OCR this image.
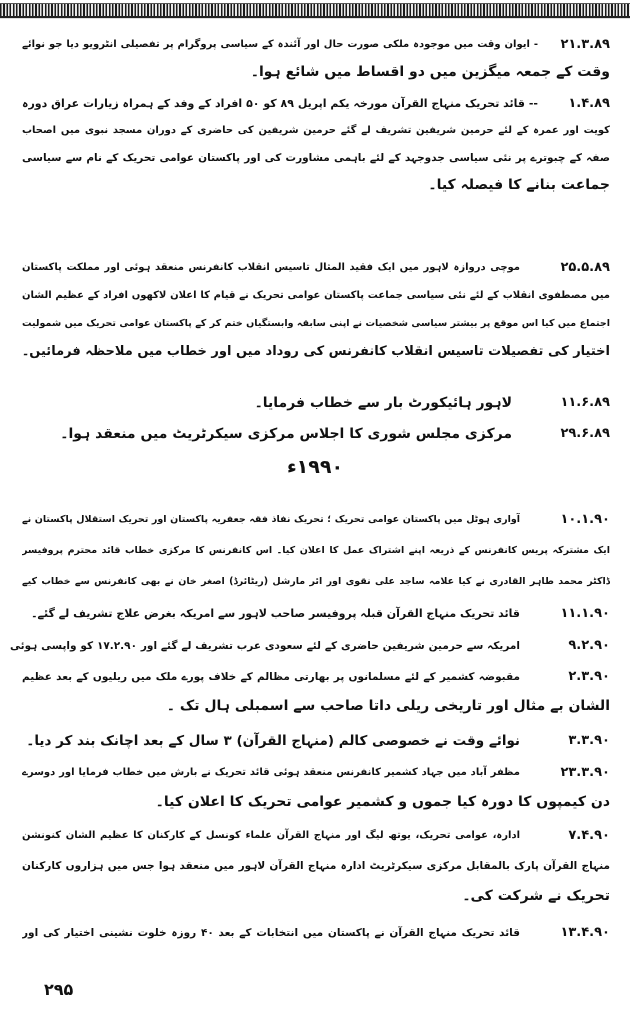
۲۱.۳.۸۹
- ایوان وقت میں موجودہ ملکی صورت حال اور آئندہ کے سیاسی پروگرام پر تفصیلی انٹرویو دیا جو نوائے
وقت کے جمعہ میگزین میں دو اقساط میں شائع ہوا۔
۱.۴.۸۹
-- قائد تحریک منہاج القرآن مورخہ یکم اپریل ۸۹ کو ۵۰ افراد کے وفد کے ہمراہ زیارات عراق دورہ
کویت اور عمرہ کے لئے حرمین شریفین تشریف لے گئے حرمین شریفین کی حاضری کے دوران مسجد نبوی میں اصحاب
صفہ کے چبوترے پر نئی سیاسی جدوجہد کے لئے باہمی مشاورت کی اور پاکستان عوامی تحریک کے نام سے سیاسی
جماعت بنانے کا فیصلہ کیا۔
۲۵.۵.۸۹
موچی دروازہ لاہور میں ایک فقید المثال تاسیس انقلاب کانفرنس منعقد ہوئی اور مملکت پاکستان
میں مصطفوی انقلاب کے لئے نئی سیاسی جماعت پاکستان عوامی تحریک نے قیام کا اعلان لاکھوں افراد کے عظیم الشان
اجتماع میں کیا اس موقع پر بیشتر سیاسی شخصیات نے اپنی سابقہ وابستگیاں ختم کر کے پاکستان عوامی تحریک میں شمولیت
اختیار کی تفصیلات تاسیس انقلاب کانفرنس کی روداد میں اور خطاب میں ملاحظہ فرمائیں۔
۱۱.۶.۸۹
لاہور ہائیکورٹ بار سے خطاب فرمایا۔
۲۹.۶.۸۹
مرکزی مجلس شوری کا اجلاس مرکزی سیکرٹریٹ میں منعقد ہوا۔
۱۹۹۰ء
۱۰.۱.۹۰
آواری ہوٹل میں پاکستان عوامی تحریک ؛ تحریک نفاذ فقہ جعفریہ پاکستان اور تحریک استقلال پاکستان نے
ایک مشترکہ پریس کانفرنس کے ذریعہ اپنے اشتراک عمل کا اعلان کیا۔ اس کانفرنس کا مرکزی خطاب قائد محترم پروفیسر
ڈاکٹر محمد طاہر القادری نے کیا علامہ ساجد علی نقوی اور ائر مارشل (ریٹائرڈ) اصغر خان نے بھی کانفرنس سے خطاب کیے
۱۱.۱.۹۰
قائد تحریک منہاج القرآن قبلہ پروفیسر صاحب لاہور سے امریکہ بغرض علاج تشریف لے گئے۔
۹.۲.۹۰
امریکہ سے حرمین شریفین حاضری کے لئے سعودی عرب تشریف لے گئے اور ۱۷.۲.۹۰ کو واپسی ہوئی
۲.۳.۹۰
مقبوضہ کشمیر کے لئے مسلمانوں پر بھارتی مظالم کے خلاف پورے ملک میں ریلیوں کے بعد عظیم
الشان بے مثال اور تاریخی ریلی داتا صاحب سے اسمبلی ہال تک ۔
۳.۳.۹۰
نوائے وقت نے خصوصی کالم (منہاج القرآن) ۳ سال کے بعد اچانک بند کر دیا۔
۲۳.۳.۹۰
مظفر آباد میں جہاد کشمیر کانفرنس منعقد ہوئی قائد تحریک نے بارش میں خطاب فرمایا اور دوسرے
دن کیمپوں کا دورہ کیا جموں و کشمیر عوامی تحریک کا اعلان کیا۔
۷.۴.۹۰
ادارہ، عوامی تحریک، یوتھ لیگ اور منہاج القرآن علماء کونسل کے کارکنان کا عظیم الشان کنونشن
منہاج القرآن پارک بالمقابل مرکزی سیکرٹریٹ ادارہ منہاج القرآن لاہور میں منعقد ہوا جس میں ہزاروں کارکنان
تحریک نے شرکت کی۔
۱۳.۴.۹۰
قائد تحریک منہاج القرآن نے پاکستان میں انتخابات کے بعد ۴۰ روزہ خلوت نشینی اختیار کی اور
۲۹۵
